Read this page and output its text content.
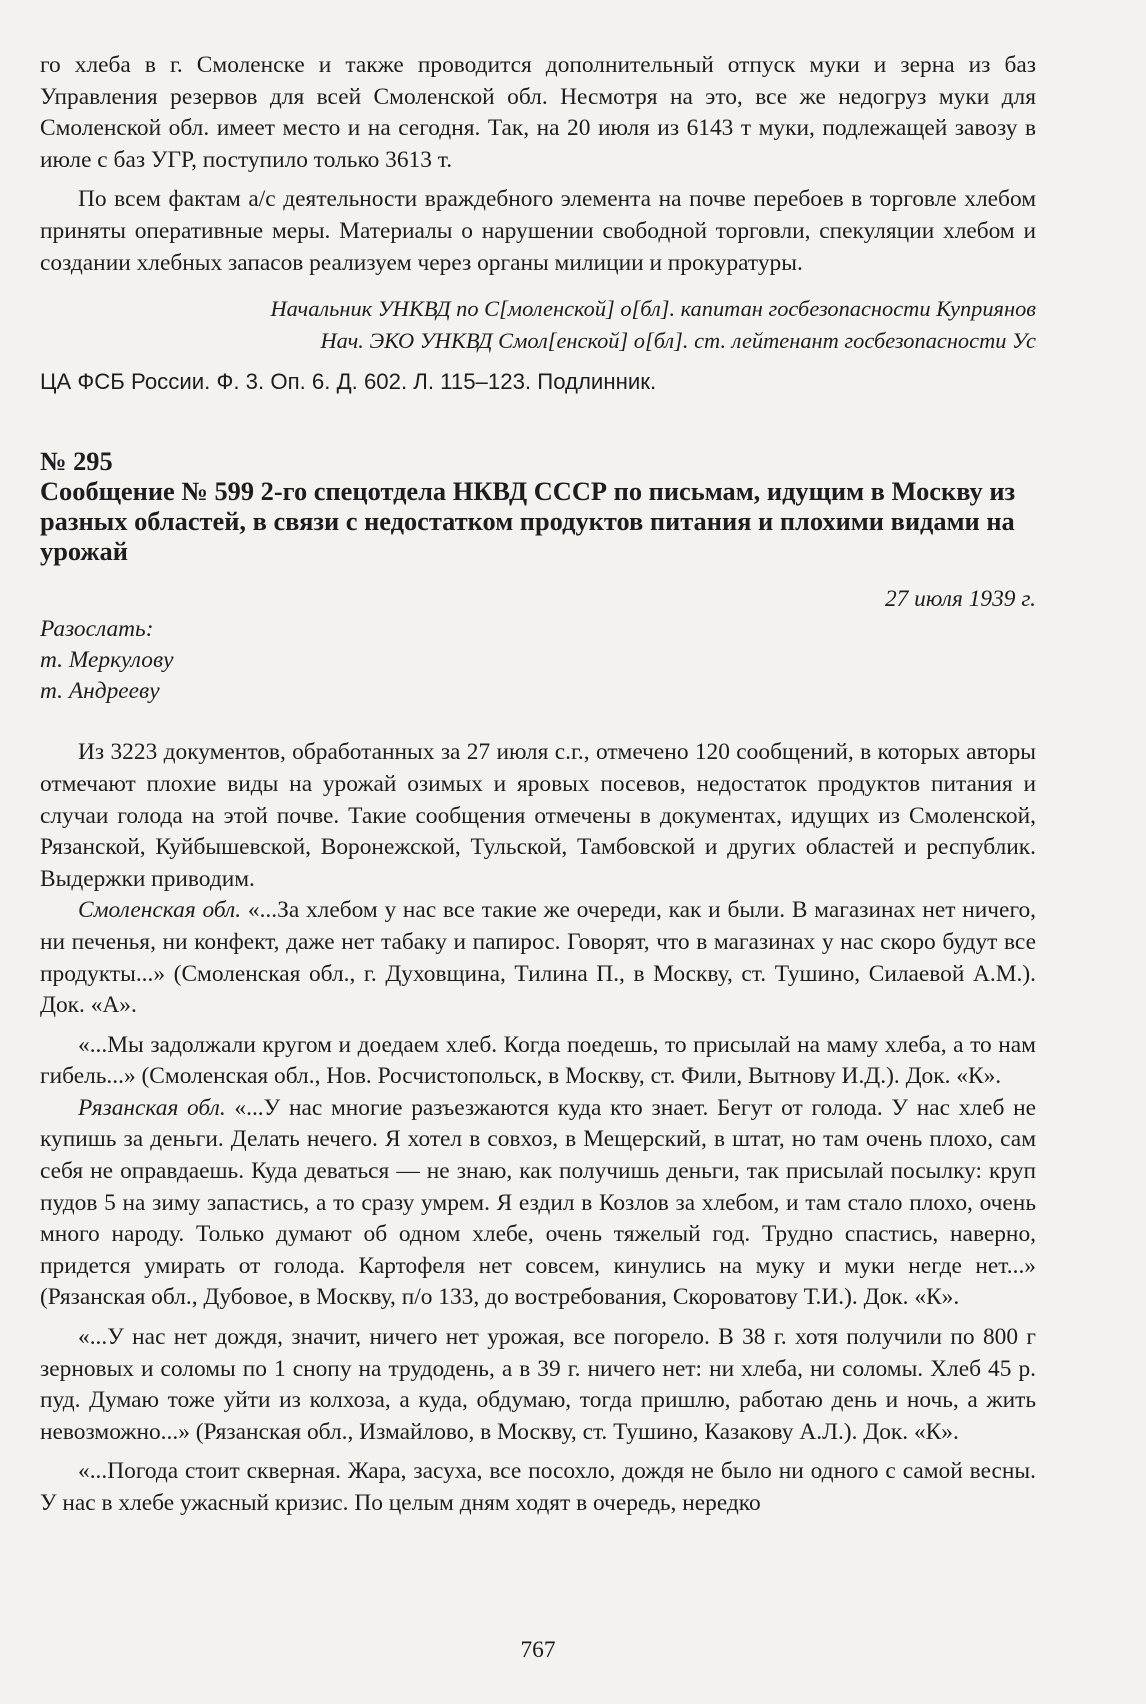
го хлеба в г. Смоленске и также проводится дополнительный отпуск муки и зерна из баз Управления резервов для всей Смоленской обл. Несмотря на это, все же недогруз муки для Смоленской обл. имеет место и на сегодня. Так, на 20 июля из 6143 т муки, подлежащей завозу в июле с баз УГР, поступило только 3613 т.

По всем фактам а/с деятельности враждебного элемента на почве перебоев в торговле хлебом приняты оперативные меры. Материалы о нарушении свободной торговли, спекуляции хлебом и создании хлебных запасов реализуем через органы милиции и прокуратуры.

Начальник УНКВД по С[моленской] о[бл]. капитан госбезопасности Куприянов

Нач. ЭКО УНКВД Смол[енской] о[бл]. ст. лейтенант госбезопасности Ус

ЦА ФСБ России. Ф. 3. Оп. 6. Д. 602. Л. 115–123. Подлинник.

№ 295

Сообщение № 599 2-го спецотдела НКВД СССР по письмам, идущим в Москву из разных областей, в связи с недостатком продуктов питания и плохими видами на урожай

27 июля 1939 г.

Разослать:

т. Меркулову

т. Андрееву

Из 3223 документов, обработанных за 27 июля с.г., отмечено 120 сообщений, в которых авторы отмечают плохие виды на урожай озимых и яровых посевов, недостаток продуктов питания и случаи голода на этой почве. Такие сообщения отмечены в документах, идущих из Смоленской, Рязанской, Куйбышевской, Воронежской, Тульской, Тамбовской и других областей и республик. Выдержки приводим.

Смоленская обл. «...За хлебом у нас все такие же очереди, как и были. В магазинах нет ничего, ни печенья, ни конфект, даже нет табаку и папирос. Говорят, что в магазинах у нас скоро будут все продукты...» (Смоленская обл., г. Духовщина, Тилина П., в Москву, ст. Тушино, Силаевой А.М.). Док. «А».

«...Мы задолжали кругом и доедаем хлеб. Когда поедешь, то присылай на маму хлеба, а то нам гибель...» (Смоленская обл., Нов. Росчистопольск, в Москву, ст. Фили, Вытнову И.Д.). Док. «К».

Рязанская обл. «...У нас многие разъезжаются куда кто знает. Бегут от голода. У нас хлеб не купишь за деньги. Делать нечего. Я хотел в совхоз, в Мещерский, в штат, но там очень плохо, сам себя не оправдаешь. Куда деваться — не знаю, как получишь деньги, так присылай посылку: круп пудов 5 на зиму запастись, а то сразу умрем. Я ездил в Козлов за хлебом, и там стало плохо, очень много народу. Только думают об одном хлебе, очень тяжелый год. Трудно спастись, наверно, придется умирать от голода. Картофеля нет совсем, кинулись на муку и муки негде нет...» (Рязанская обл., Дубовое, в Москву, п/о 133, до востребования, Скороватову Т.И.). Док. «К».

«...У нас нет дождя, значит, ничего нет урожая, все погорело. В 38 г. хотя получили по 800 г зерновых и соломы по 1 снопу на трудодень, а в 39 г. ничего нет: ни хлеба, ни соломы. Хлеб 45 р. пуд. Думаю тоже уйти из колхоза, а куда, обдумаю, тогда пришлю, работаю день и ночь, а жить невозможно...» (Рязанская обл., Измайлово, в Москву, ст. Тушино, Казакову А.Л.). Док. «К».

«...Погода стоит скверная. Жара, засуха, все посохло, дождя не было ни одного с самой весны. У нас в хлебе ужасный кризис. По целым дням ходят в очередь, нередко

767
